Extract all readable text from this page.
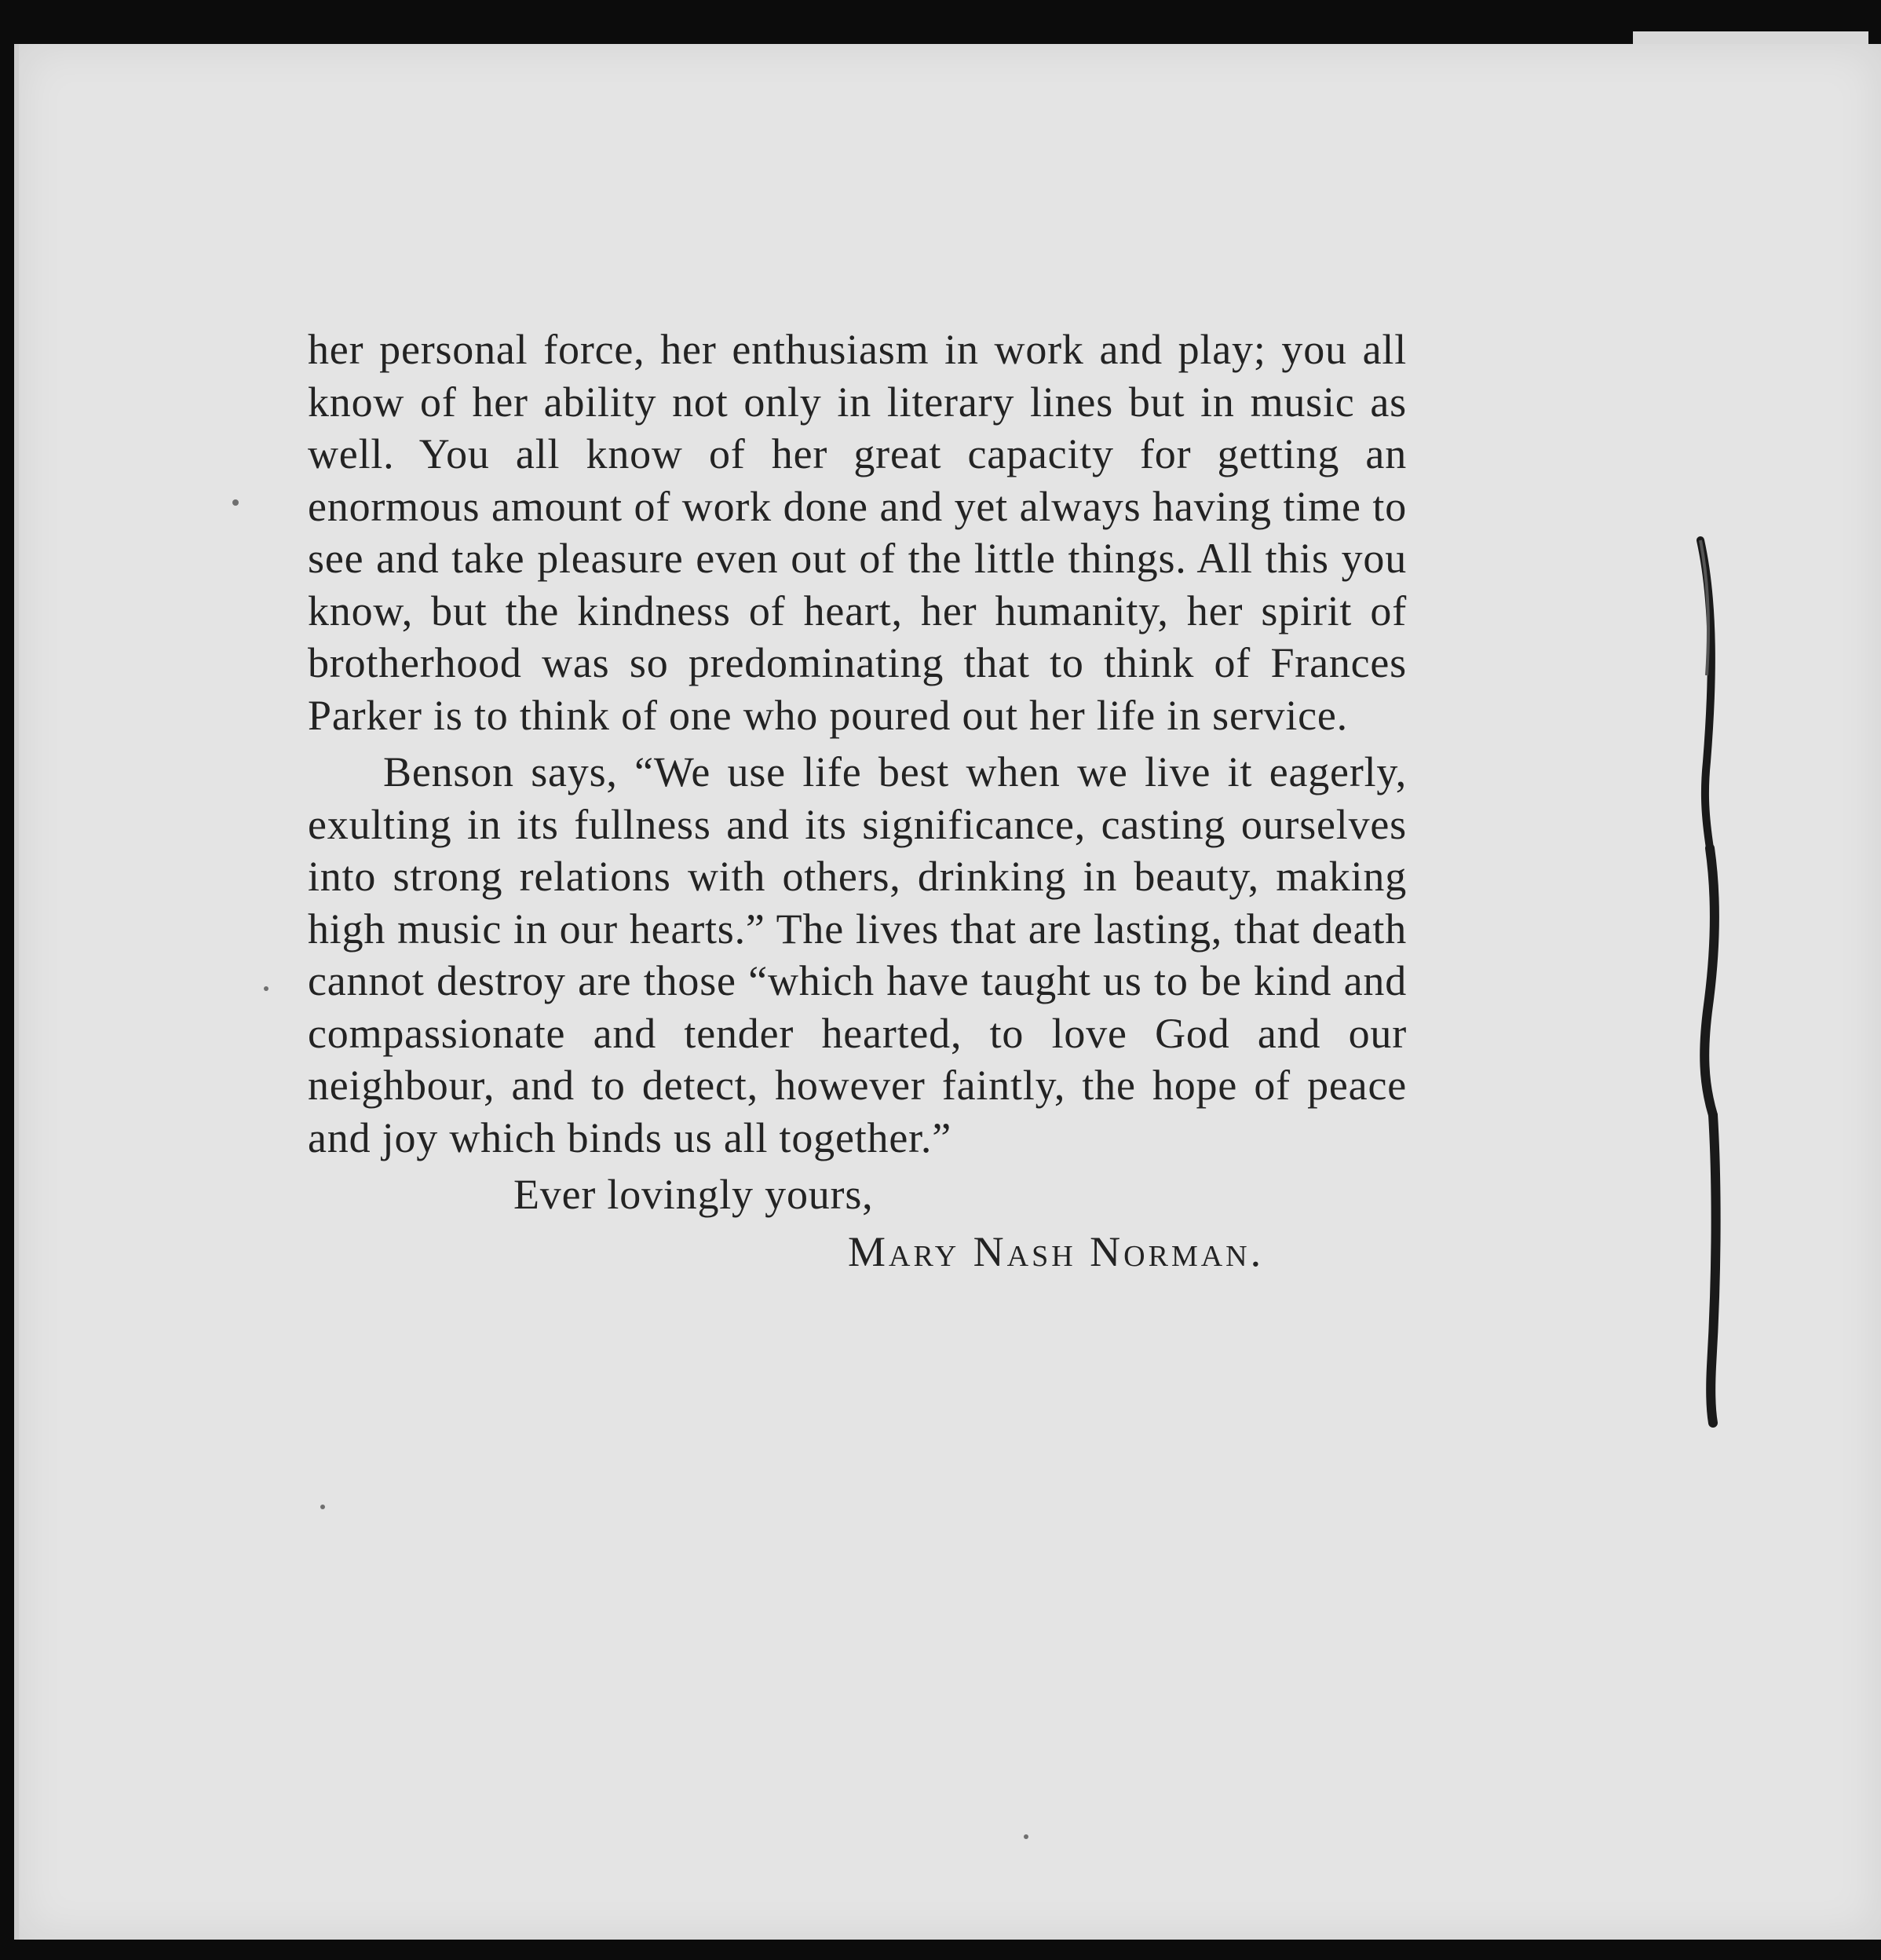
her personal force, her enthusiasm in work and play; you all know of her ability not only in literary lines but in music as well. You all know of her great capacity for getting an enormous amount of work done and yet always having time to see and take pleasure even out of the little things. All this you know, but the kindness of heart, her humanity, her spirit of brotherhood was so predominating that to think of Frances Parker is to think of one who poured out her life in service.

Benson says, “We use life best when we live it eagerly, exulting in its fullness and its significance, casting ourselves into strong relations with others, drinking in beauty, making high music in our hearts.” The lives that are lasting, that death cannot destroy are those “which have taught us to be kind and compassionate and tender hearted, to love God and our neighbour, and to detect, however faintly, the hope of peace and joy which binds us all together.”

Ever lovingly yours,

Mary Nash Norman.
